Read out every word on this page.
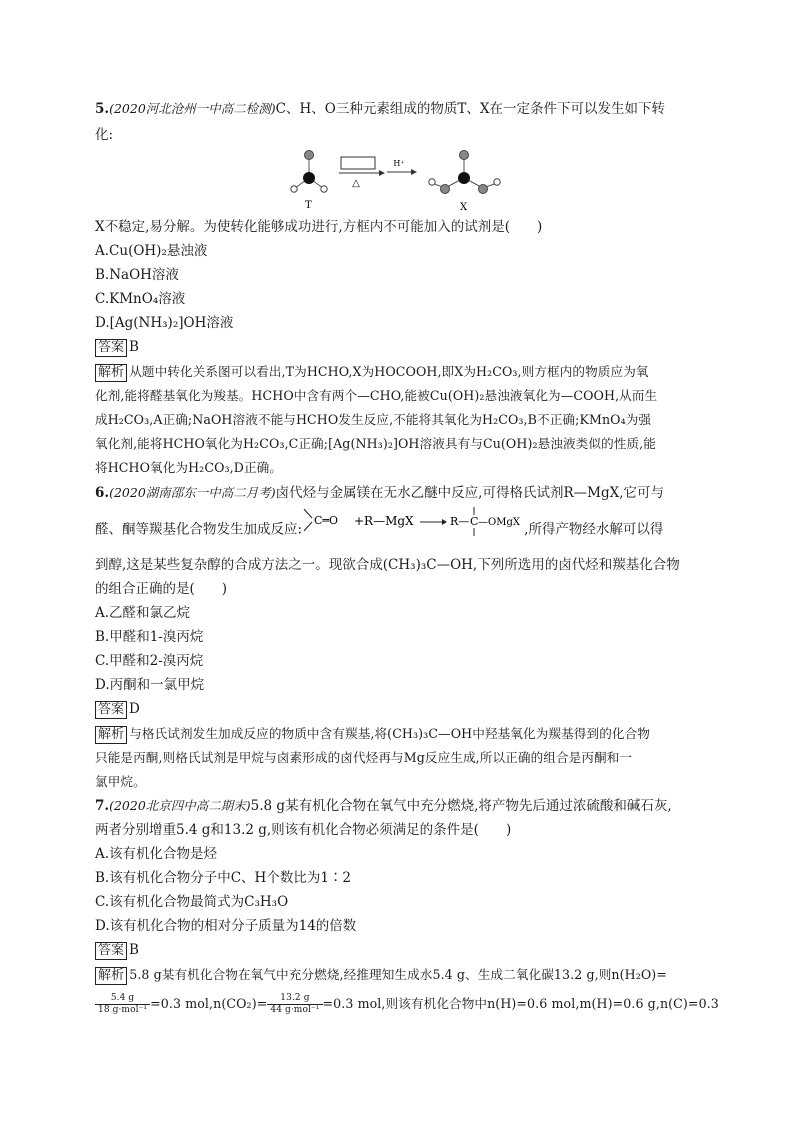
5.(2020河北沧州一中高二检测)C、H、O三种元素组成的物质T、X在一定条件下可以发生如下转
化:
T
△
H⁺
X
X不稳定,易分解。为使转化能够成功进行,方框内不可能加入的试剂是(　　)
A.Cu(OH)₂悬浊液
B.NaOH溶液
C.KMnO₄溶液
D.[Ag(NH₃)₂]OH溶液
答案 B
解析 从题中转化关系图可以看出,T为HCHO,X为HOCOOH,即X为H₂CO₃,则方框内的物质应为氧
化剂,能将醛基氧化为羧基。HCHO中含有两个—CHO,能被Cu(OH)₂悬浊液氧化为—COOH,从而生
成H₂CO₃,A正确;NaOH溶液不能与HCHO发生反应,不能将其氧化为H₂CO₃,B不正确;KMnO₄为强
氧化剂,能将HCHO氧化为H₂CO₃,C正确;[Ag(NH₃)₂]OH溶液具有与Cu(OH)₂悬浊液类似的性质,能
将HCHO氧化为H₂CO₃,D正确。
6.(2020湖南邵东一中高二月考)卤代烃与金属镁在无水乙醚中反应,可得格氏试剂R—MgX,它可与
醛、酮等羰基化合物发生加成反应:
C═O +R—MgX	R— C —OMgX ,所得产物经水解可以得
到醇,这是某些复杂醇的合成方法之一。现欲合成(CH₃)₃C—OH,下列所选用的卤代烃和羰基化合物
的组合正确的是(　　)
A.乙醛和氯乙烷
B.甲醛和1-溴丙烷
C.甲醛和2-溴丙烷
D.丙酮和一氯甲烷
答案 D
解析 与格氏试剂发生加成反应的物质中含有羰基,将(CH₃)₃C—OH中羟基氧化为羰基得到的化合物
只能是丙酮,则格氏试剂是甲烷与卤素形成的卤代烃再与Mg反应生成,所以正确的组合是丙酮和一
氯甲烷。
7.(2020北京四中高二期末)5.8 g某有机化合物在氧气中充分燃烧,将产物先后通过浓硫酸和碱石灰,
两者分别增重5.4 g和13.2 g,则该有机化合物必须满足的条件是(　　)
A.该有机化合物是烃
B.该有机化合物分子中C、H个数比为1∶2
C.该有机化合物最简式为C₃H₃O
D.该有机化合物的相对分子质量为14的倍数
答案 B
解析 5.8 g某有机化合物在氧气中充分燃烧,经推理知生成水5.4 g、生成二氧化碳13.2 g,则n(H₂O)=
$\frac{5.4 g}{\text{18 g·mol⁻¹}} =0.3$ $mol,n(CO_2)= \frac{13.2 g}{\text{44 g·mol⁻¹}} =0.3$ mol,则该有机化合物中n(H)=0.6 mol,m(H)=0.6 g,n(C)=0.3
